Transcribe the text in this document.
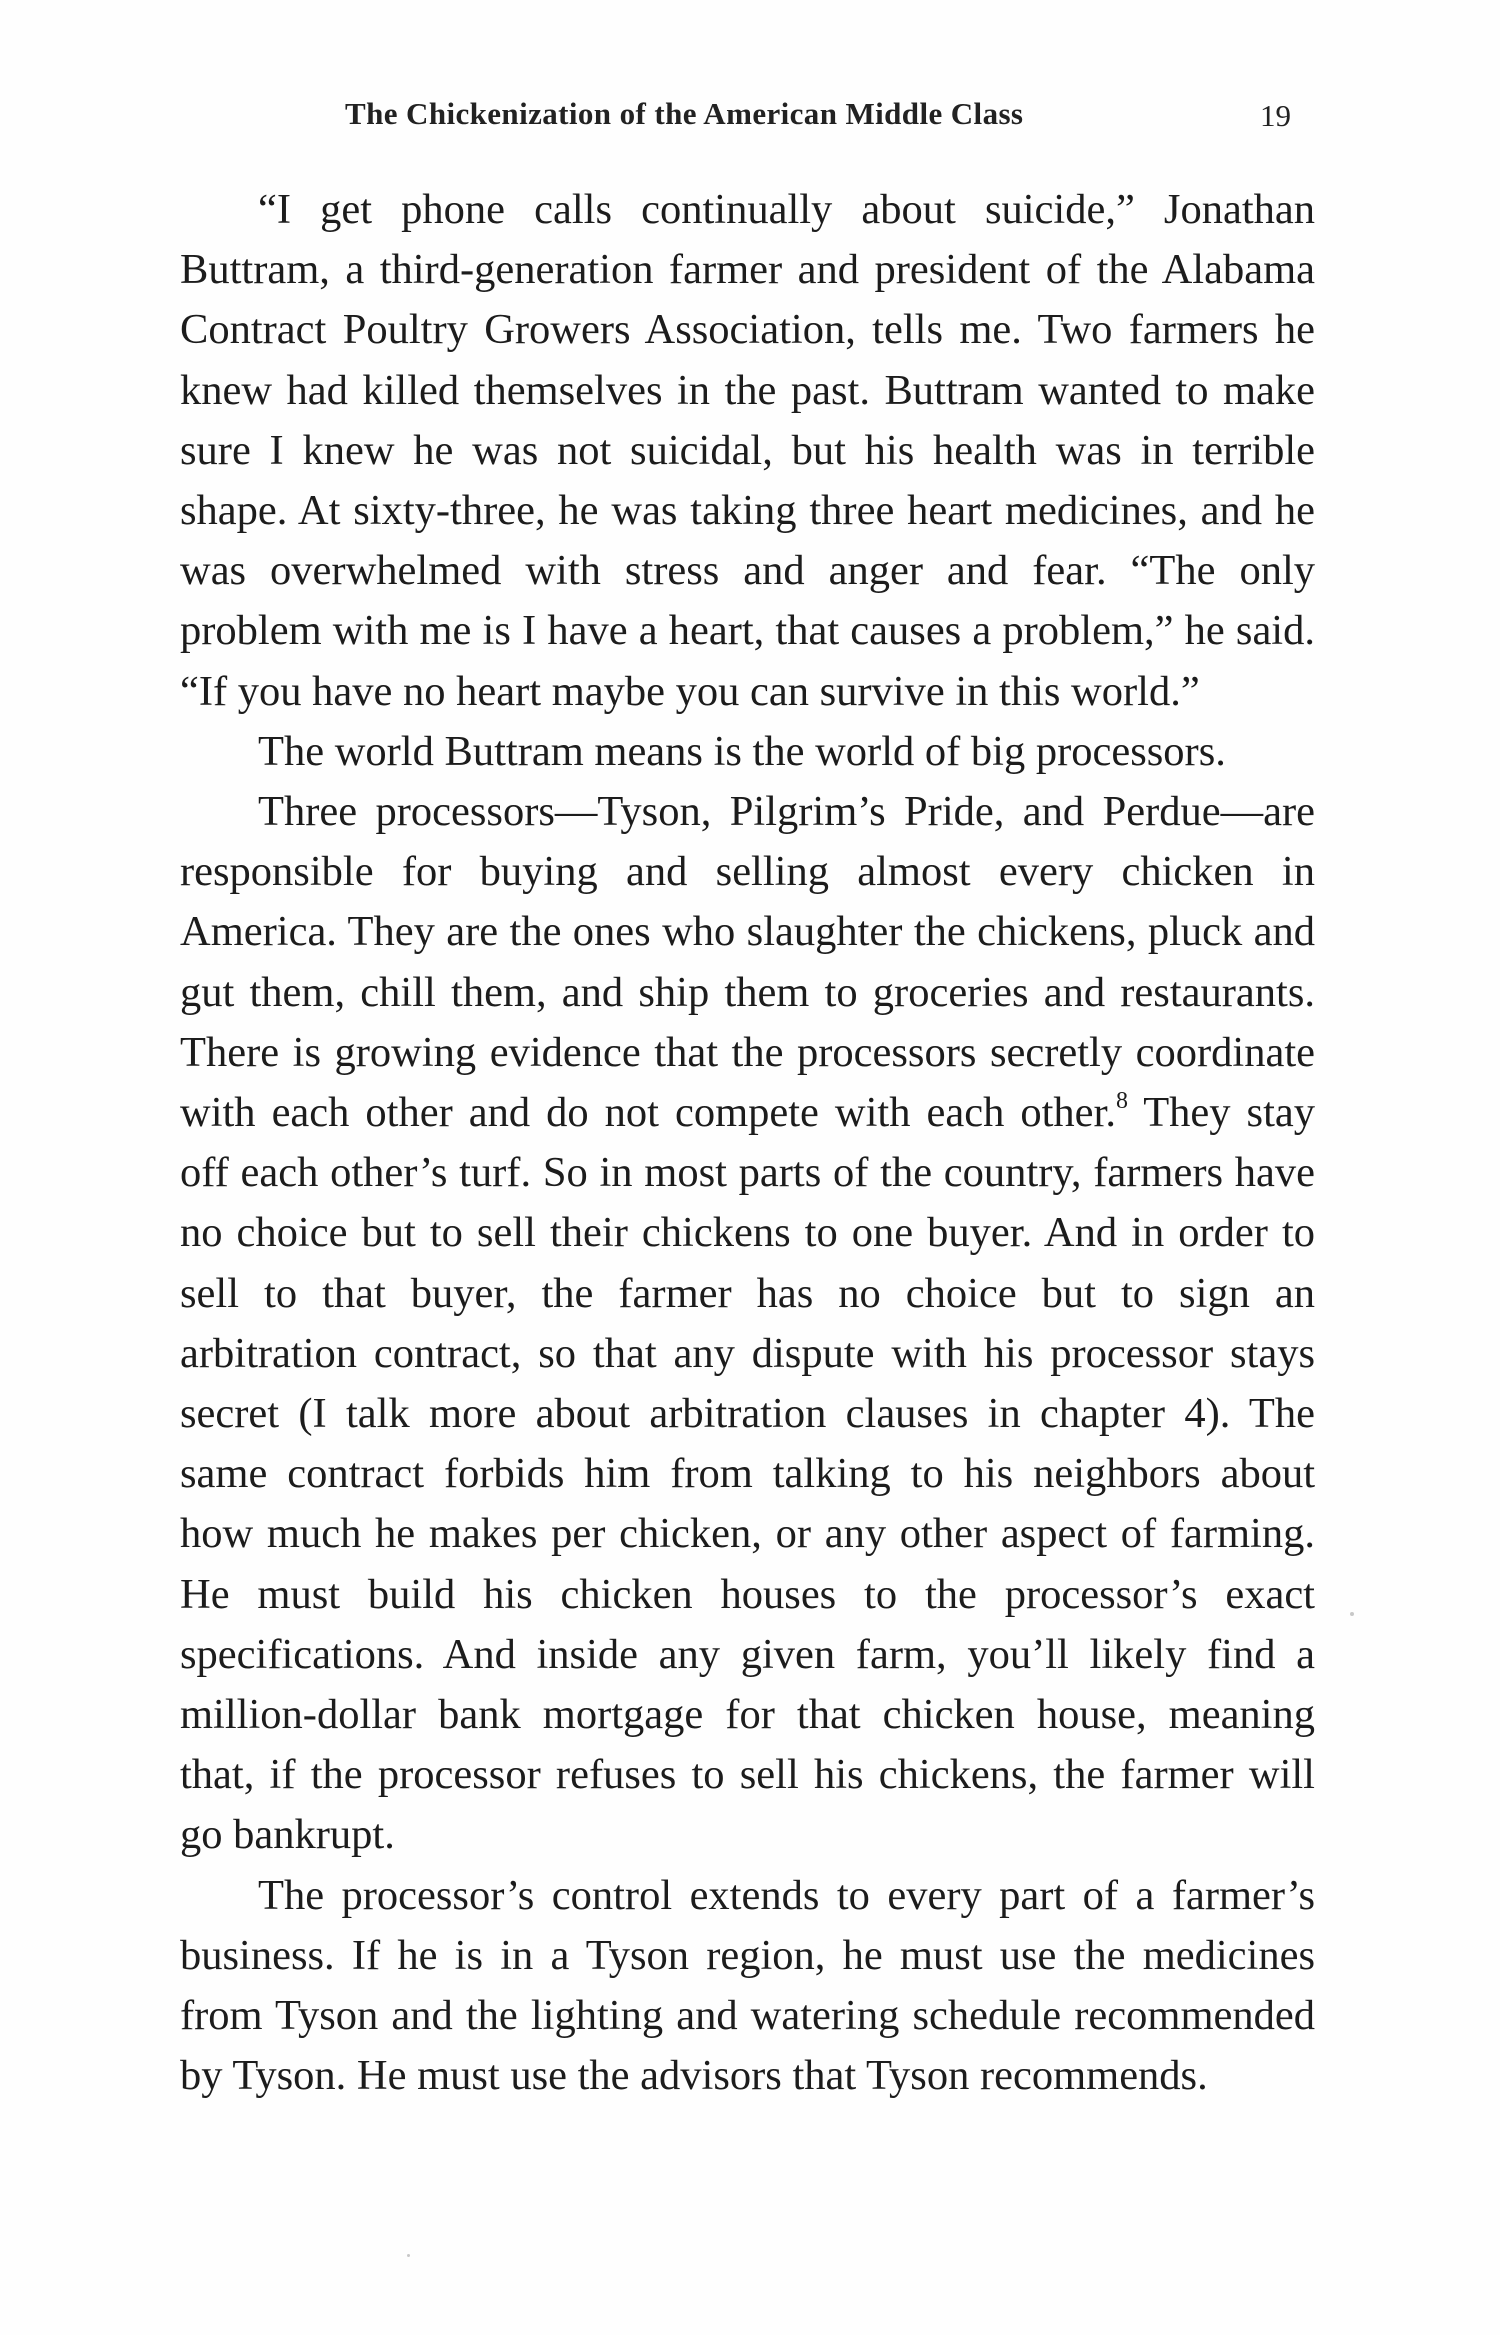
The Chickenization of the American Middle Class	19

“I get phone calls continually about suicide,” Jonathan Buttram, a third-generation farmer and president of the Alabama Contract Poultry Growers Association, tells me. Two farmers he knew had killed themselves in the past. Buttram wanted to make sure I knew he was not suicidal, but his health was in terrible shape. At sixty-three, he was taking three heart medicines, and he was overwhelmed with stress and anger and fear. “The only problem with me is I have a heart, that causes a problem,” he said. “If you have no heart maybe you can survive in this world.”

The world Buttram means is the world of big processors.

Three processors—Tyson, Pilgrim’s Pride, and Perdue—are responsible for buying and selling almost every chicken in America. They are the ones who slaughter the chickens, pluck and gut them, chill them, and ship them to groceries and restaurants. There is growing evidence that the processors secretly coordinate with each other and do not compete with each other.$^8$ They stay off each other’s turf. So in most parts of the country, farmers have no choice but to sell their chickens to one buyer. And in order to sell to that buyer, the farmer has no choice but to sign an arbitration contract, so that any dispute with his processor stays secret (I talk more about arbitration clauses in chapter 4). The same contract forbids him from talking to his neighbors about how much he makes per chicken, or any other aspect of farming. He must build his chicken houses to the processor’s exact specifications. And inside any given farm, you’ll likely find a million-dollar bank mortgage for that chicken house, meaning that, if the processor refuses to sell his chickens, the farmer will go bankrupt.

The processor’s control extends to every part of a farmer’s business. If he is in a Tyson region, he must use the medicines from Tyson and the lighting and watering schedule recommended by Tyson. He must use the advisors that Tyson recommends.
